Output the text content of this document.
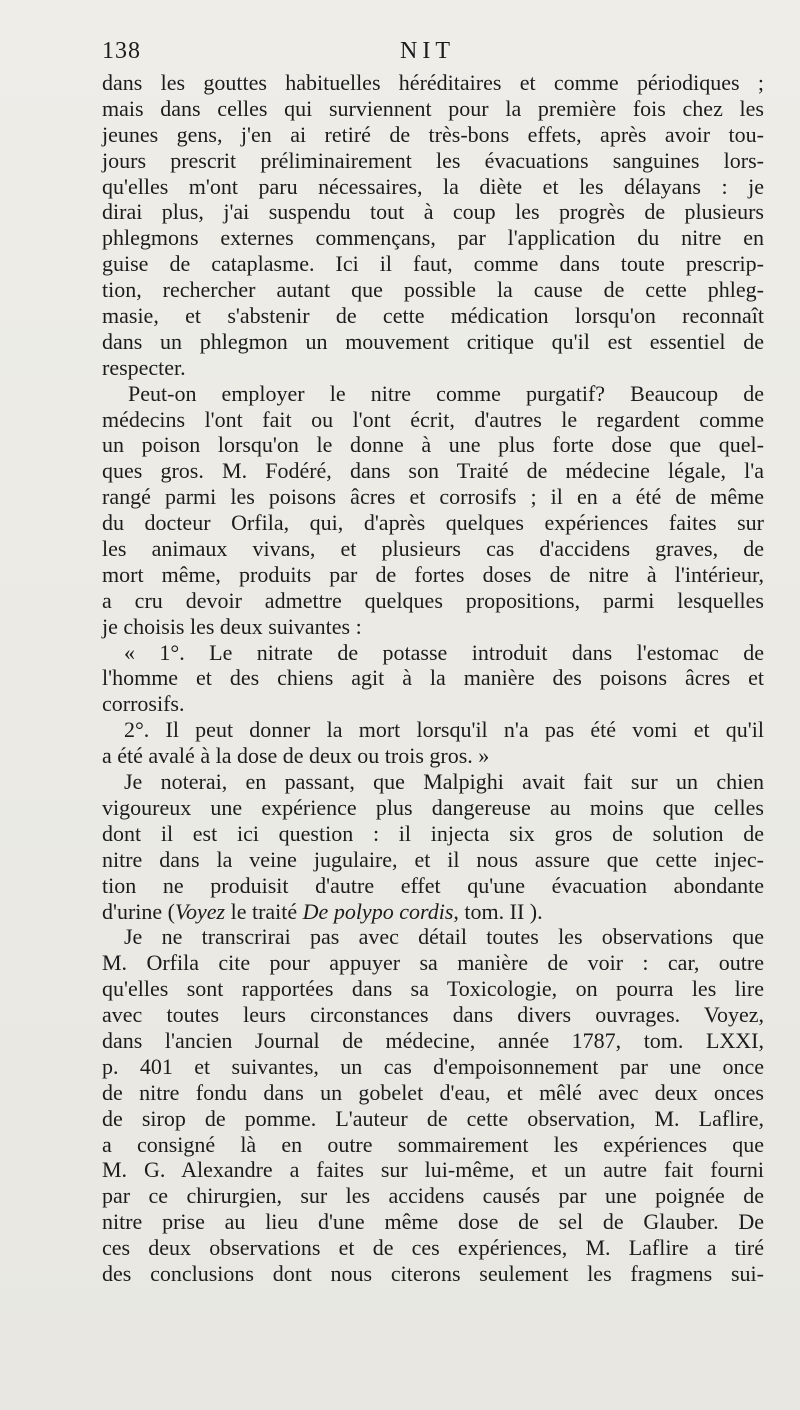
138	NIT
dans les gouttes habituelles héréditaires et comme périodiques ;
mais dans celles qui surviennent pour la première fois chez les
jeunes gens, j'en ai retiré de très-bons effets, après avoir tou-
jours prescrit préliminairement les évacuations sanguines lors-
qu'elles m'ont paru nécessaires, la diète et les délayans : je
dirai plus, j'ai suspendu tout à coup les progrès de plusieurs
phlegmons externes commençans, par l'application du nitre en
guise de cataplasme. Ici il faut, comme dans toute prescrip-
tion, rechercher autant que possible la cause de cette phleg-
masie, et s'abstenir de cette médication lorsqu'on reconnaît
dans un phlegmon un mouvement critique qu'il est essentiel de
respecter.
Peut-on employer le nitre comme purgatif? Beaucoup de
médecins l'ont fait ou l'ont écrit, d'autres le regardent comme
un poison lorsqu'on le donne à une plus forte dose que quel-
ques gros. M. Fodéré, dans son Traité de médecine légale, l'a
rangé parmi les poisons âcres et corrosifs ; il en a été de même
du docteur Orfila, qui, d'après quelques expériences faites sur
les animaux vivans, et plusieurs cas d'accidens graves, de
mort même, produits par de fortes doses de nitre à l'intérieur,
a cru devoir admettre quelques propositions, parmi lesquelles
je choisis les deux suivantes :
« 1°. Le nitrate de potasse introduit dans l'estomac de
l'homme et des chiens agit à la manière des poisons âcres et
corrosifs.
2°. Il peut donner la mort lorsqu'il n'a pas été vomi et qu'il
a été avalé à la dose de deux ou trois gros. »
Je noterai, en passant, que Malpighi avait fait sur un chien
vigoureux une expérience plus dangereuse au moins que celles
dont il est ici question : il injecta six gros de solution de
nitre dans la veine jugulaire, et il nous assure que cette injec-
tion ne produisit d'autre effet qu'une évacuation abondante
d'urine (Voyez le traité De polypo cordis, tom. II ).
Je ne transcrirai pas avec détail toutes les observations que
M. Orfila cite pour appuyer sa manière de voir : car, outre
qu'elles sont rapportées dans sa Toxicologie, on pourra les lire
avec toutes leurs circonstances dans divers ouvrages. Voyez,
dans l'ancien Journal de médecine, année 1787, tom. LXXI,
p. 401 et suivantes, un cas d'empoisonnement par une once
de nitre fondu dans un gobelet d'eau, et mêlé avec deux onces
de sirop de pomme. L'auteur de cette observation, M. Laflire,
a consigné là en outre sommairement les expériences que
M. G. Alexandre a faites sur lui-même, et un autre fait fourni
par ce chirurgien, sur les accidens causés par une poignée de
nitre prise au lieu d'une même dose de sel de Glauber. De
ces deux observations et de ces expériences, M. Laflire a tiré
des conclusions dont nous citerons seulement les fragmens sui-
